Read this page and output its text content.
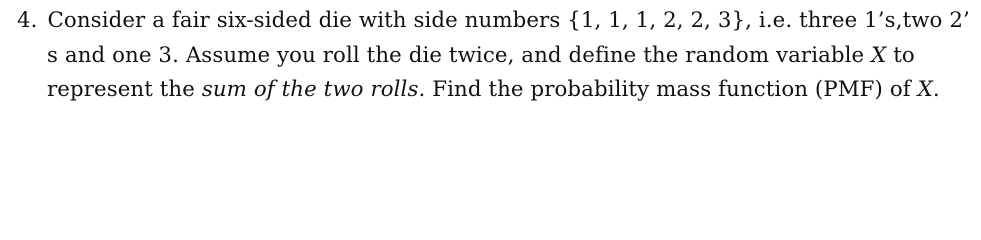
4. Consider a fair six-sided die with side numbers {1, 1, 1, 2, 2, 3}, i.e. three 1’s,two 2’
s and one 3. Assume you roll the die twice, and define the random variable X to
represent the sum of the two rolls. Find the probability mass function (PMF) of X.
